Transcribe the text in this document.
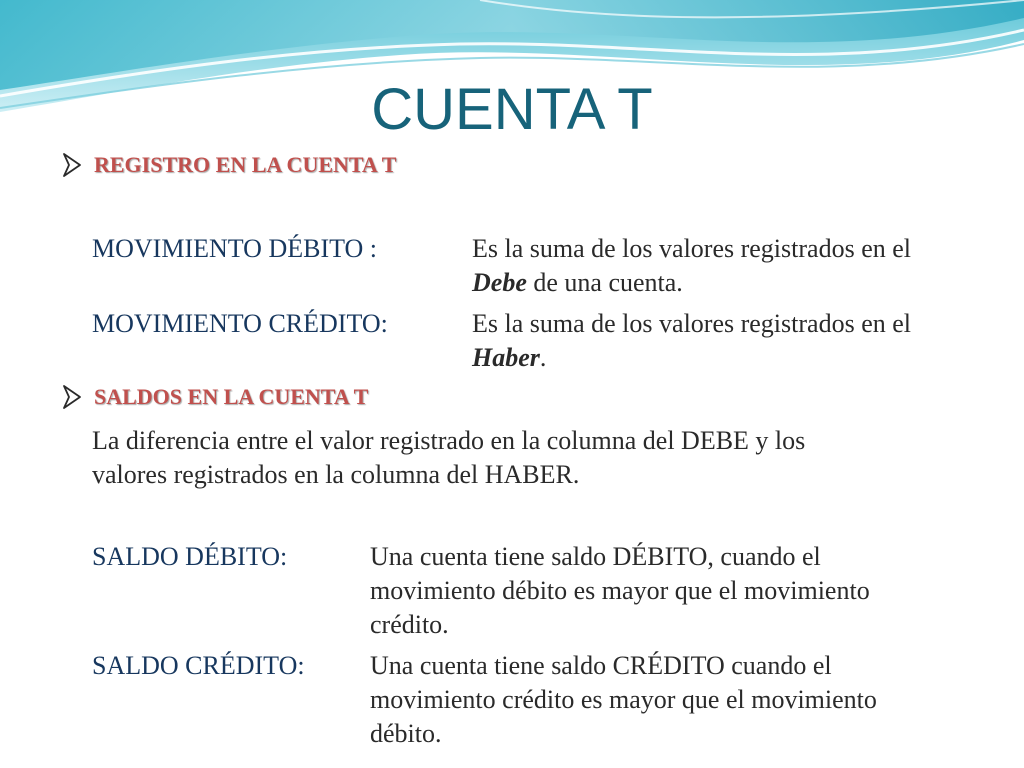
CUENTA T
REGISTRO EN LA CUENTA T
MOVIMIENTO DÉBITO :	Es la suma de los valores registrados en el
Debe de una cuenta.
MOVIMIENTO CRÉDITO:	Es la suma de los valores registrados en el
Haber.
SALDOS EN LA CUENTA T
La diferencia entre el valor registrado en la columna del DEBE y los
valores registrados en la columna del HABER.
SALDO DÉBITO:	Una cuenta tiene saldo DÉBITO, cuando el
movimiento débito es mayor que el movimiento
crédito.
SALDO CRÉDITO:	Una cuenta tiene saldo CRÉDITO cuando el
movimiento crédito es mayor que el movimiento
débito.
